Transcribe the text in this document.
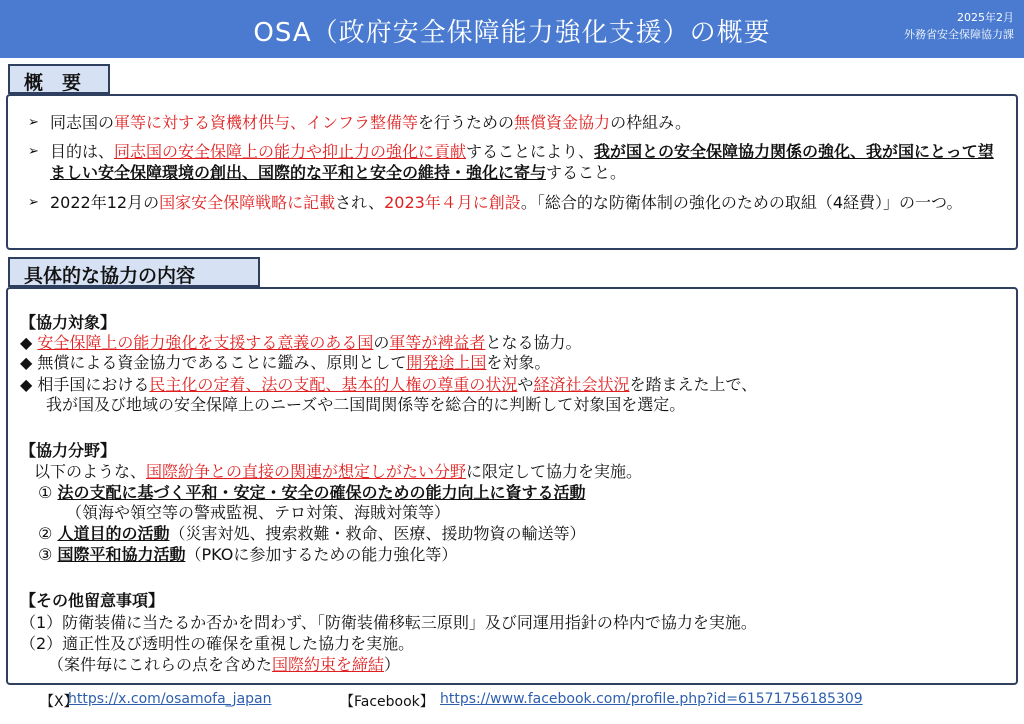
OSA（政府安全保障能力強化支援）の概要
2025年2月
外務省安全保障協力課
概　要
➢ 同志国の軍等に対する資機材供与、インフラ整備等を行うための無償資金協力の枠組み。
➢ 目的は、同志国の安全保障上の能力や抑止力の強化に貢献することにより、我が国との安全保障協力関係の強化、我が国にとって望ましい安全保障環境の創出、国際的な平和と安全の維持・強化に寄与すること。
➢ 2022年12月の国家安全保障戦略に記載され、2023年４月に創設。「総合的な防衛体制の強化のための取組（4経費）」の一つ。
具体的な協力の内容
【協力対象】
◆ 安全保障上の能力強化を支援する意義のある国の軍等が裨益者となる協力。
◆ 無償による資金協力であることに鑑み、原則として開発途上国を対象。
◆ 相手国における民主化の定着、法の支配、基本的人権の尊重の状況や経済社会状況を踏まえた上で、
我が国及び地域の安全保障上のニーズや二国間関係等を総合的に判断して対象国を選定。
【協力分野】
以下のような、国際紛争との直接の関連が想定しがたい分野に限定して協力を実施。
① 法の支配に基づく平和・安定・安全の確保のための能力向上に資する活動
（領海や領空等の警戒監視、テロ対策、海賊対策等）
② 人道目的の活動（災害対処、捜索救難・救命、医療、援助物資の輸送等）
③ 国際平和協力活動（PKOに参加するための能力強化等）
【その他留意事項】
（1）防衛装備に当たるか否かを問わず、「防衛装備移転三原則」及び同運用指針の枠内で協力を実施。
（2）適正性及び透明性の確保を重視した協力を実施。
（案件毎にこれらの点を含めた国際約束を締結）
【X】
https://x.com/osamofa_japan	【Facebook】 https://www.facebook.com/profile.php?id=61571756185309
